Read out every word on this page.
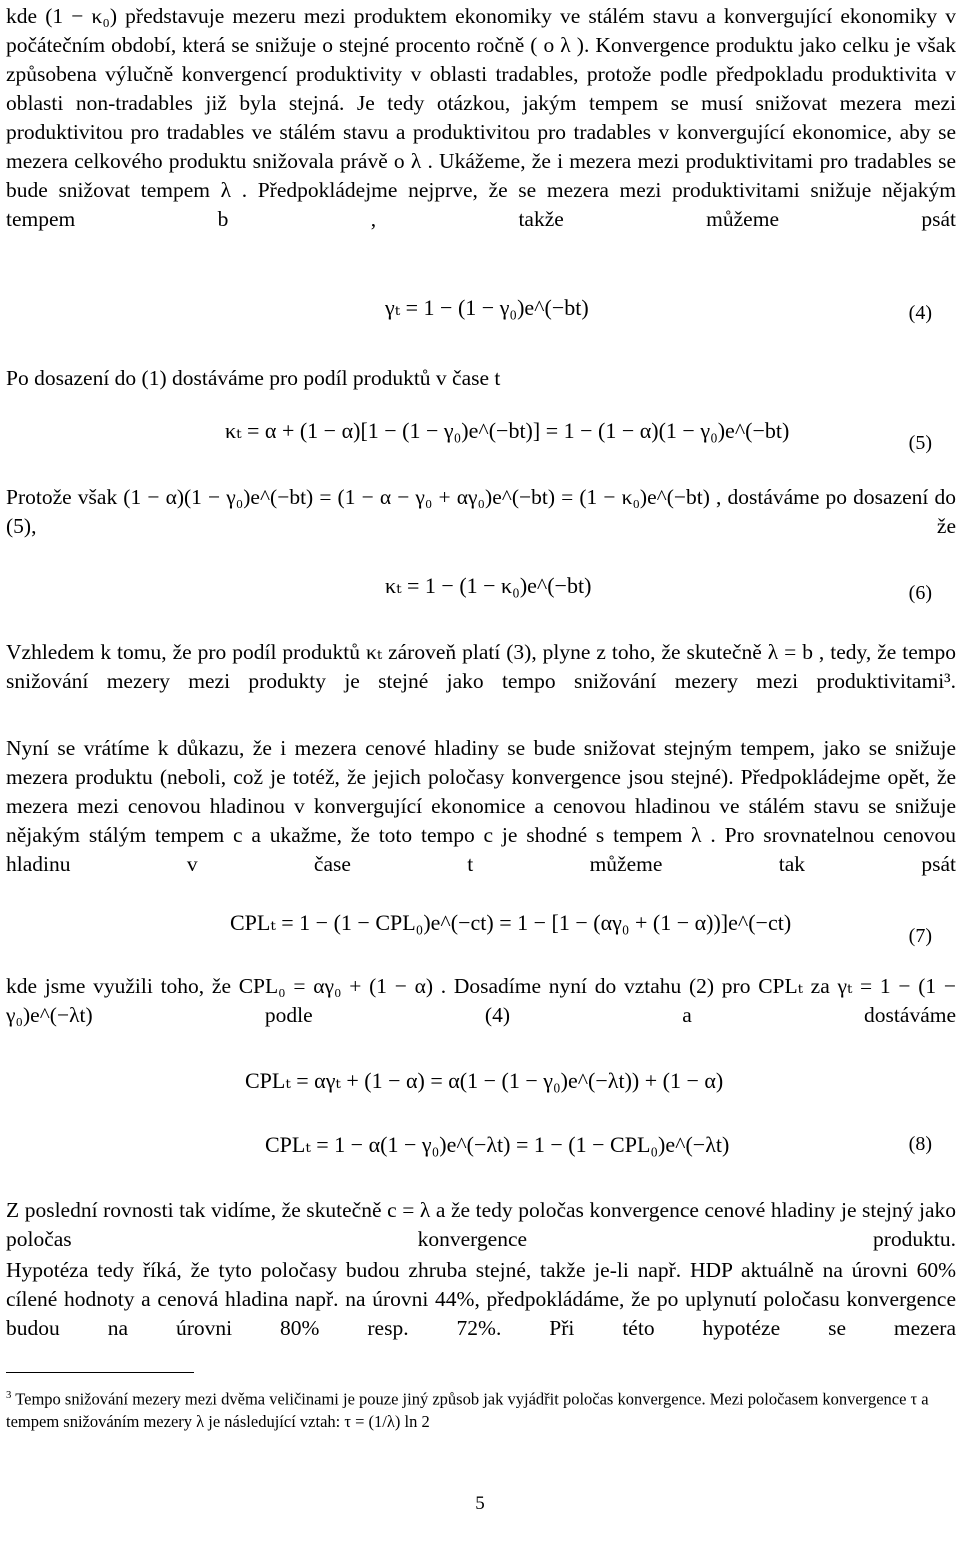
kde (1 − κ₀) představuje mezeru mezi produktem ekonomiky ve stálém stavu a konvergující ekonomiky v počátečním období, která se snižuje o stejné procento ročně ( o λ ). Konvergence produktu jako celku je však způsobena výlučně konvergencí produktivity v oblasti tradables, protože podle předpokladu produktivita v oblasti non-tradables již byla stejná. Je tedy otázkou, jakým tempem se musí snižovat mezera mezi produktivitou pro tradables ve stálém stavu a produktivitou pro tradables v konvergující ekonomice, aby se mezera celkového produktu snižovala právě o λ . Ukážeme, že i mezera mezi produktivitami pro tradables se bude snižovat tempem λ . Předpokládejme nejprve, že se mezera mezi produktivitami snižuje nějakým tempem b , takže můžeme psát

γₜ = 1 − (1 − γ₀)e^(−bt)	(4)

Po dosazení do (1) dostáváme pro podíl produktů v čase t

κₜ = α + (1 − α)[1 − (1 − γ₀)e^(−bt)] = 1 − (1 − α)(1 − γ₀)e^(−bt)	(5)

Protože však (1 − α)(1 − γ₀)e^(−bt) = (1 − α − γ₀ + αγ₀)e^(−bt) = (1 − κ₀)e^(−bt) , dostáváme po dosazení do (5), že

κₜ = 1 − (1 − κ₀)e^(−bt)	(6)

Vzhledem k tomu, že pro podíl produktů κₜ zároveň platí (3), plyne z toho, že skutečně λ = b , tedy, že tempo snižování mezery mezi produkty je stejné jako tempo snižování mezery mezi produktivitami³.

Nyní se vrátíme k důkazu, že i mezera cenové hladiny se bude snižovat stejným tempem, jako se snižuje mezera produktu (neboli, což je totéž, že jejich poločasy konvergence jsou stejné). Předpokládejme opět, že mezera mezi cenovou hladinou v konvergující ekonomice a cenovou hladinou ve stálém stavu se snižuje nějakým stálým tempem c a ukažme, že toto tempo c je shodné s tempem λ . Pro srovnatelnou cenovou hladinu v čase t můžeme tak psát

CPLₜ = 1 − (1 − CPL₀)e^(−ct) = 1 − [1 − (αγ₀ + (1 − α))]e^(−ct)
(7)

kde jsme využili toho, že CPL₀ = αγ₀ + (1 − α) . Dosadíme nyní do vztahu (2) pro CPLₜ za γₜ = 1 − (1 − γ₀)e^(−λt) podle (4) a dostáváme

CPLₜ = αγₜ + (1 − α) = α(1 − (1 − γ₀)e^(−λt)) + (1 − α)
CPLₜ = 1 − α(1 − γ₀)e^(−λt) = 1 − (1 − CPL₀)e^(−λt)	(8)

Z poslední rovnosti tak vidíme, že skutečně c = λ a že tedy poločas konvergence cenové hladiny je stejný jako poločas konvergence produktu.

Hypotéza tedy říká, že tyto poločasy budou zhruba stejné, takže je-li např. HDP aktuálně na úrovni 60% cílené hodnoty a cenová hladina např. na úrovni 44%, předpokládáme, že po uplynutí poločasu konvergence budou na úrovni 80% resp. 72%. Při této hypotéze se mezera

$^3$ Tempo snižování mezery mezi dvěma veličinami je pouze jiný způsob jak vyjádřit poločas konvergence. Mezi poločasem konvergence τ a tempem snižováním mezery λ je následující vztah: τ = (1/λ) ln 2

5
